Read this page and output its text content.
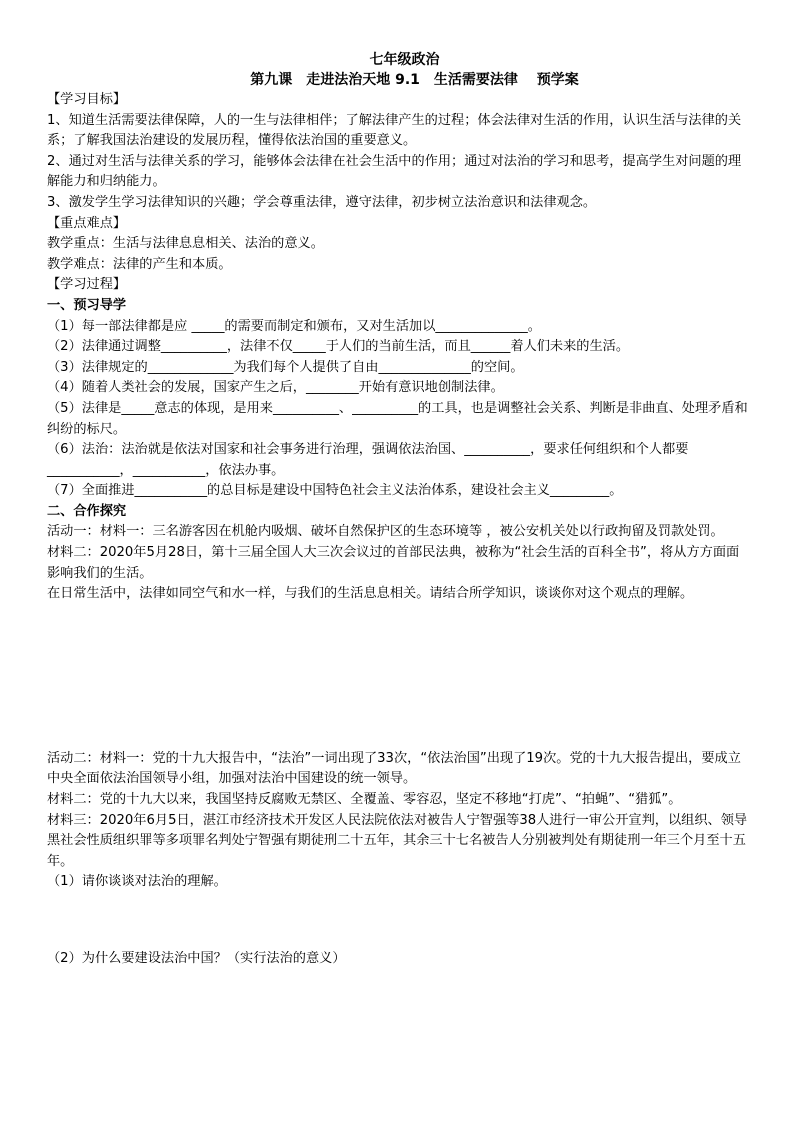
七年级政治
第九课　走进法治天地 9.1　生活需要法律　 预学案

【学习目标】

1、知道生活需要法律保障，人的一生与法律相伴；了解法律产生的过程；体会法律对生活的作用，认识生活与法律的关系；了解我国法治建设的发展历程，懂得依法治国的重要意义。

2、通过对生活与法律关系的学习，能够体会法律在社会生活中的作用；通过对法治的学习和思考，提高学生对问题的理解能力和归纳能力。

3、激发学生学习法律知识的兴趣；学会尊重法律，遵守法律，初步树立法治意识和法律观念。

【重点难点】

教学重点：生活与法律息息相关、法治的意义。

教学难点：法律的产生和本质。

【学习过程】

一、预习导学

（1）每一部法律都是应 _____的需要而制定和颁布，又对生活加以______________。

（2）法律通过调整__________，法律不仅_____于人们的当前生活，而且______着人们未来的生活。

（3）法律规定的_____________为我们每个人提供了自由______________的空间。

（4）随着人类社会的发展，国家产生之后，________开始有意识地创制法律。

（5）法律是_____意志的体现，是用来__________、__________的工具，也是调整社会关系、判断是非曲直、处理矛盾和纠纷的标尺。

（6）法治：法治就是依法对国家和社会事务进行治理，强调依法治国、__________，要求任何组织和个人都要___________，___________，依法办事。

（7）全面推进___________的总目标是建设中国特色社会主义法治体系，建设社会主义_________。

二、合作探究

活动一：材料一：三名游客因在机舱内吸烟、破坏自然保护区的生态环境等 ，被公安机关处以行政拘留及罚款处罚。

材料二：2020年5月28日，第十三届全国人大三次会议过的首部民法典，被称为“社会生活的百科全书”，将从方方面面影响我们的生活。

在日常生活中，法律如同空气和水一样，与我们的生活息息相关。请结合所学知识，谈谈你对这个观点的理解。

活动二：材料一：党的十九大报告中，“法治”一词出现了33次，“依法治国”出现了19次。党的十九大报告提出，要成立中央全面依法治国领导小组，加强对法治中国建设的统一领导。

材料二：党的十九大以来，我国坚持反腐败无禁区、全覆盖、零容忍，坚定不移地“打虎”、“拍蝇”、“猎狐”。

材料三：2020年6月5日，湛江市经济技术开发区人民法院依法对被告人宁智强等38人进行一审公开宣判，以组织、领导黑社会性质组织罪等多项罪名判处宁智强有期徒刑二十五年，其余三十七名被告人分别被判处有期徒刑一年三个月至十五年。

（1）请你谈谈对法治的理解。

（2）为什么要建设法治中国？（实行法治的意义）
